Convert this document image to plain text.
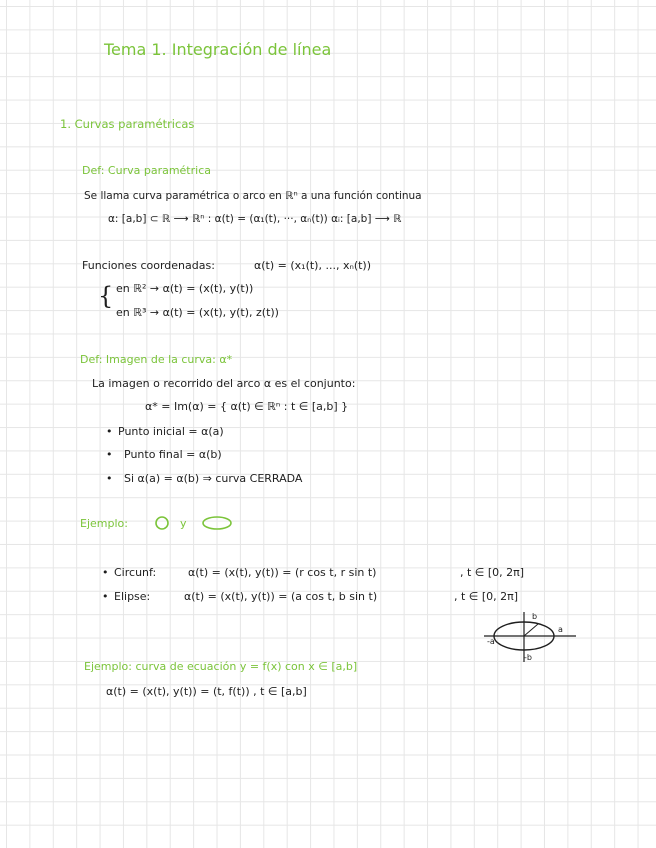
Tema 1. Integración de línea
1. Curvas paramétricas
Def: Curva paramétrica
Se llama curva paramétrica o arco en ℝⁿ a una función continua
α: [a,b] ⊂ ℝ ⟶ ℝⁿ : α(t) = (α₁(t), ···, αₙ(t)) αᵢ: [a,b] ⟶ ℝ
Funciones coordenadas:	α(t) = (x₁(t), ..., xₙ(t))
{ en ℝ² → α(t) = (x(t), y(t))
en ℝ³ → α(t) = (x(t), y(t), z(t))
Def: Imagen de la curva: α*
La imagen o recorrido del arco α es el conjunto:
α* = Im(α) = { α(t) ∈ ℝⁿ : t ∈ [a,b] }
• Punto inicial = α(a)
• Punto final = α(b)
• Si α(a) = α(b) ⇒ curva CERRADA
Ejemplo:	y
• Circunf:	α(t) = (x(t), y(t)) = (r cos t, r sin t)	, t ∈ [0, 2π]
• Elipse:	α(t) = (x(t), y(t)) = (a cos t, b sin t)	, t ∈ [0, 2π]
b
a
-a
-b
Ejemplo: curva de ecuación y = f(x) con x ∈ [a,b]
α(t) = (x(t), y(t)) = (t, f(t)) , t ∈ [a,b]
